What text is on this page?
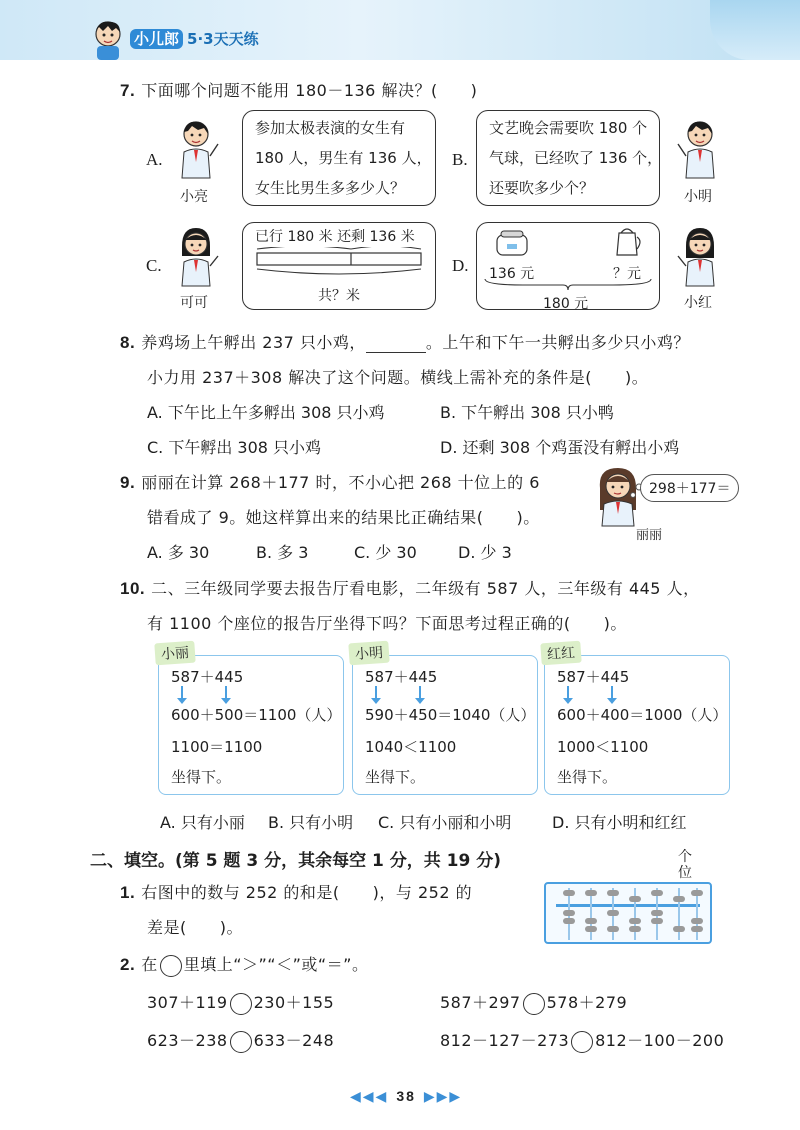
小儿郎 5·3天天练
7. 下面哪个问题不能用 180－136 解决？(　　)
A.
小亮
参加太极表演的女生有
180 人，男生有 136 人，
女生比男生多多少人？
B.
文艺晚会需要吹 180 个
气球，已经吹了 136 个，
还要吹多少个？	小明
C.
可可
已行 180 米 还剩 136 米
共？米
D. 136 元	？元
180 元	小红
8. 养鸡场上午孵出 237 只小鸡，	。上午和下午一共孵出多少只小鸡？
小力用 237＋308 解决了这个问题。横线上需补充的条件是(　　)。
A. 下午比上午多孵出 308 只小鸡	B. 下午孵出 308 只小鸭
C. 下午孵出 308 只小鸡	D. 还剩 308 个鸡蛋没有孵出小鸡
9. 丽丽在计算 268＋177 时，不小心把 268 十位上的 6
错看成了 9。她这样算出来的结果比正确结果(　　)。
A. 多 30	B. 多 3	C. 少 30	D. 少 3
298＋177＝
丽丽
10. 二、三年级同学要去报告厅看电影，二年级有 587 人，三年级有 445 人，
有 1100 个座位的报告厅坐得下吗？下面思考过程正确的(　　)。
小丽
587＋445
600＋500＝1100（人）
1100＝1100
坐得下。
小明
587＋445
590＋450＝1040（人）
1040＜1100
坐得下。
红红
587＋445
600＋400＝1000（人）
1000＜1100
坐得下。
A. 只有小丽 B. 只有小明 C. 只有小丽和小明	D. 只有小明和红红
二、填空。(第 5 题 3 分，其余每空 1 分，共 19 分)	个
位
1. 右图中的数与 252 的和是(　　)，与 252 的
差是(　　)。
2. 在 里填上“＞”“＜”或“＝”。
307＋119 230＋155	587＋297 578＋279
623－238 633－248	812－127－273 812－100－200
◀◀◀ 38 ▶▶▶
